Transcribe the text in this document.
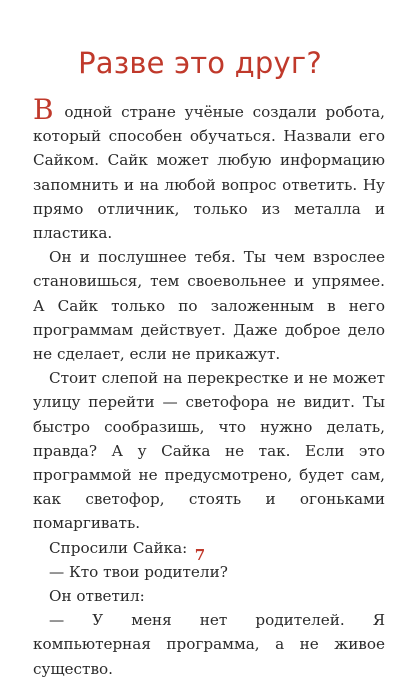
Разве это друг?

В одной стране учёные создали робота, который способен обучаться. Назвали его Сайком. Сайк может любую информацию запомнить и на любой вопрос ответить. Ну прямо отличник, только из металла и пластика.

Он и послушнее тебя. Ты чем взрослее становишься, тем своевольнее и упрямее. А Сайк только по заложенным в него программам действует. Даже доброе дело не сделает, если не прикажут.

Стоит слепой на перекрестке и не может улицу перейти — светофора не видит. Ты быстро сообразишь, что нужно делать, правда? А у Сайка не так. Если это программой не предусмотрено, будет сам, как светофор, стоять и огоньками помаргивать.

Спросили Сайка:

— Кто твои родители?

Он ответил:

— У меня нет родителей. Я компьютерная программа, а не живое существо.

7
